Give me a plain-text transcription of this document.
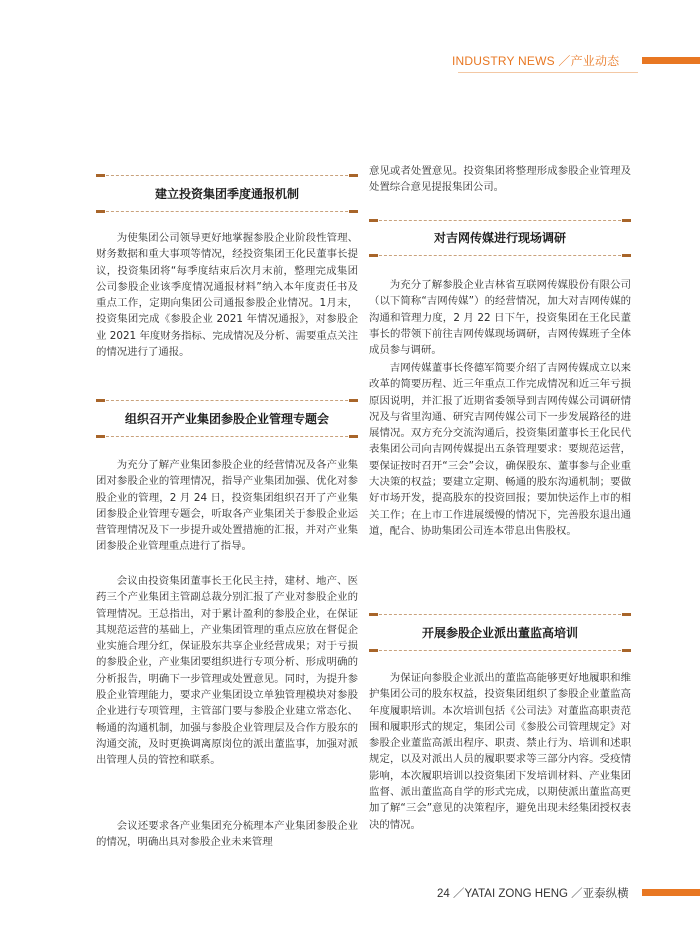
INDUSTRY NEWS ／产业动态
建立投资集团季度通报机制

为使集团公司领导更好地掌握参股企业阶段性管理、财务数据和重大事项等情况，经投资集团王化民董事长提议，投资集团将“每季度结束后次月末前，整理完成集团公司参股企业该季度情况通报材料”纳入本年度责任书及重点工作，定期向集团公司通报参股企业情况。1月末，投资集团完成《参股企业 2021 年情况通报》，对参股企业 2021 年度财务指标、完成情况及分析、需要重点关注的情况进行了通报。

组织召开产业集团参股企业管理专题会

为充分了解产业集团参股企业的经营情况及各产业集团对参股企业的管理情况，指导产业集团加强、优化对参股企业的管理，2 月 24 日，投资集团组织召开了产业集团参股企业管理专题会，听取各产业集团关于参股企业运营管理情况及下一步提升或处置措施的汇报，并对产业集团参股企业管理重点进行了指导。

会议由投资集团董事长王化民主持，建材、地产、医药三个产业集团主管副总裁分别汇报了产业对参股企业的管理情况。王总指出，对于累计盈利的参股企业，在保证其规范运营的基础上，产业集团管理的重点应放在督促企业实施合理分红，保证股东共享企业经营成果；对于亏损的参股企业，产业集团要组织进行专项分析、形成明确的分析报告，明确下一步管理或处置意见。同时，为提升参股企业管理能力，要求产业集团设立单独管理模块对参股企业进行专项管理，主管部门要与参股企业建立常态化、畅通的沟通机制，加强与参股企业管理层及合作方股东的沟通交流，及时更换调离原岗位的派出董监事，加强对派出管理人员的管控和联系。

会议还要求各产业集团充分梳理本产业集团参股企业的情况，明确出具对参股企业未来管理

意见或者处置意见。投资集团将整理形成参股企业管理及处置综合意见提报集团公司。

对吉网传媒进行现场调研

为充分了解参股企业吉林省互联网传媒股份有限公司（以下简称“吉网传媒”）的经营情况，加大对吉网传媒的沟通和管理力度，2 月 22 日下午，投资集团在王化民董事长的带领下前往吉网传媒现场调研，吉网传媒班子全体成员参与调研。

吉网传媒董事长佟德军简要介绍了吉网传媒成立以来改革的简要历程、近三年重点工作完成情况和近三年亏损原因说明，并汇报了近期省委领导到吉网传媒公司调研情况及与省里沟通、研究吉网传媒公司下一步发展路径的进展情况。双方充分交流沟通后，投资集团董事长王化民代表集团公司向吉网传媒提出五条管理要求：要规范运营，要保证按时召开“三会”会议，确保股东、董事参与企业重大决策的权益；要建立定期、畅通的股东沟通机制；要做好市场开发，提高股东的投资回报；要加快运作上市的相关工作；在上市工作进展缓慢的情况下，完善股东退出通道，配合、协助集团公司连本带息出售股权。

开展参股企业派出董监高培训

为保证向参股企业派出的董监高能够更好地履职和维护集团公司的股东权益，投资集团组织了参股企业董监高年度履职培训。本次培训包括《公司法》对董监高职责范围和履职形式的规定，集团公司《参股公司管理规定》对参股企业董监高派出程序、职责、禁止行为、培训和述职规定，以及对派出人员的履职要求等三部分内容。受疫情影响，本次履职培训以投资集团下发培训材料、产业集团监督、派出董监高自学的形式完成，以期使派出董监高更加了解“三会”意见的决策程序，避免出现未经集团授权表决的情况。

24 ／YATAI ZONG HENG ／亚泰纵横
